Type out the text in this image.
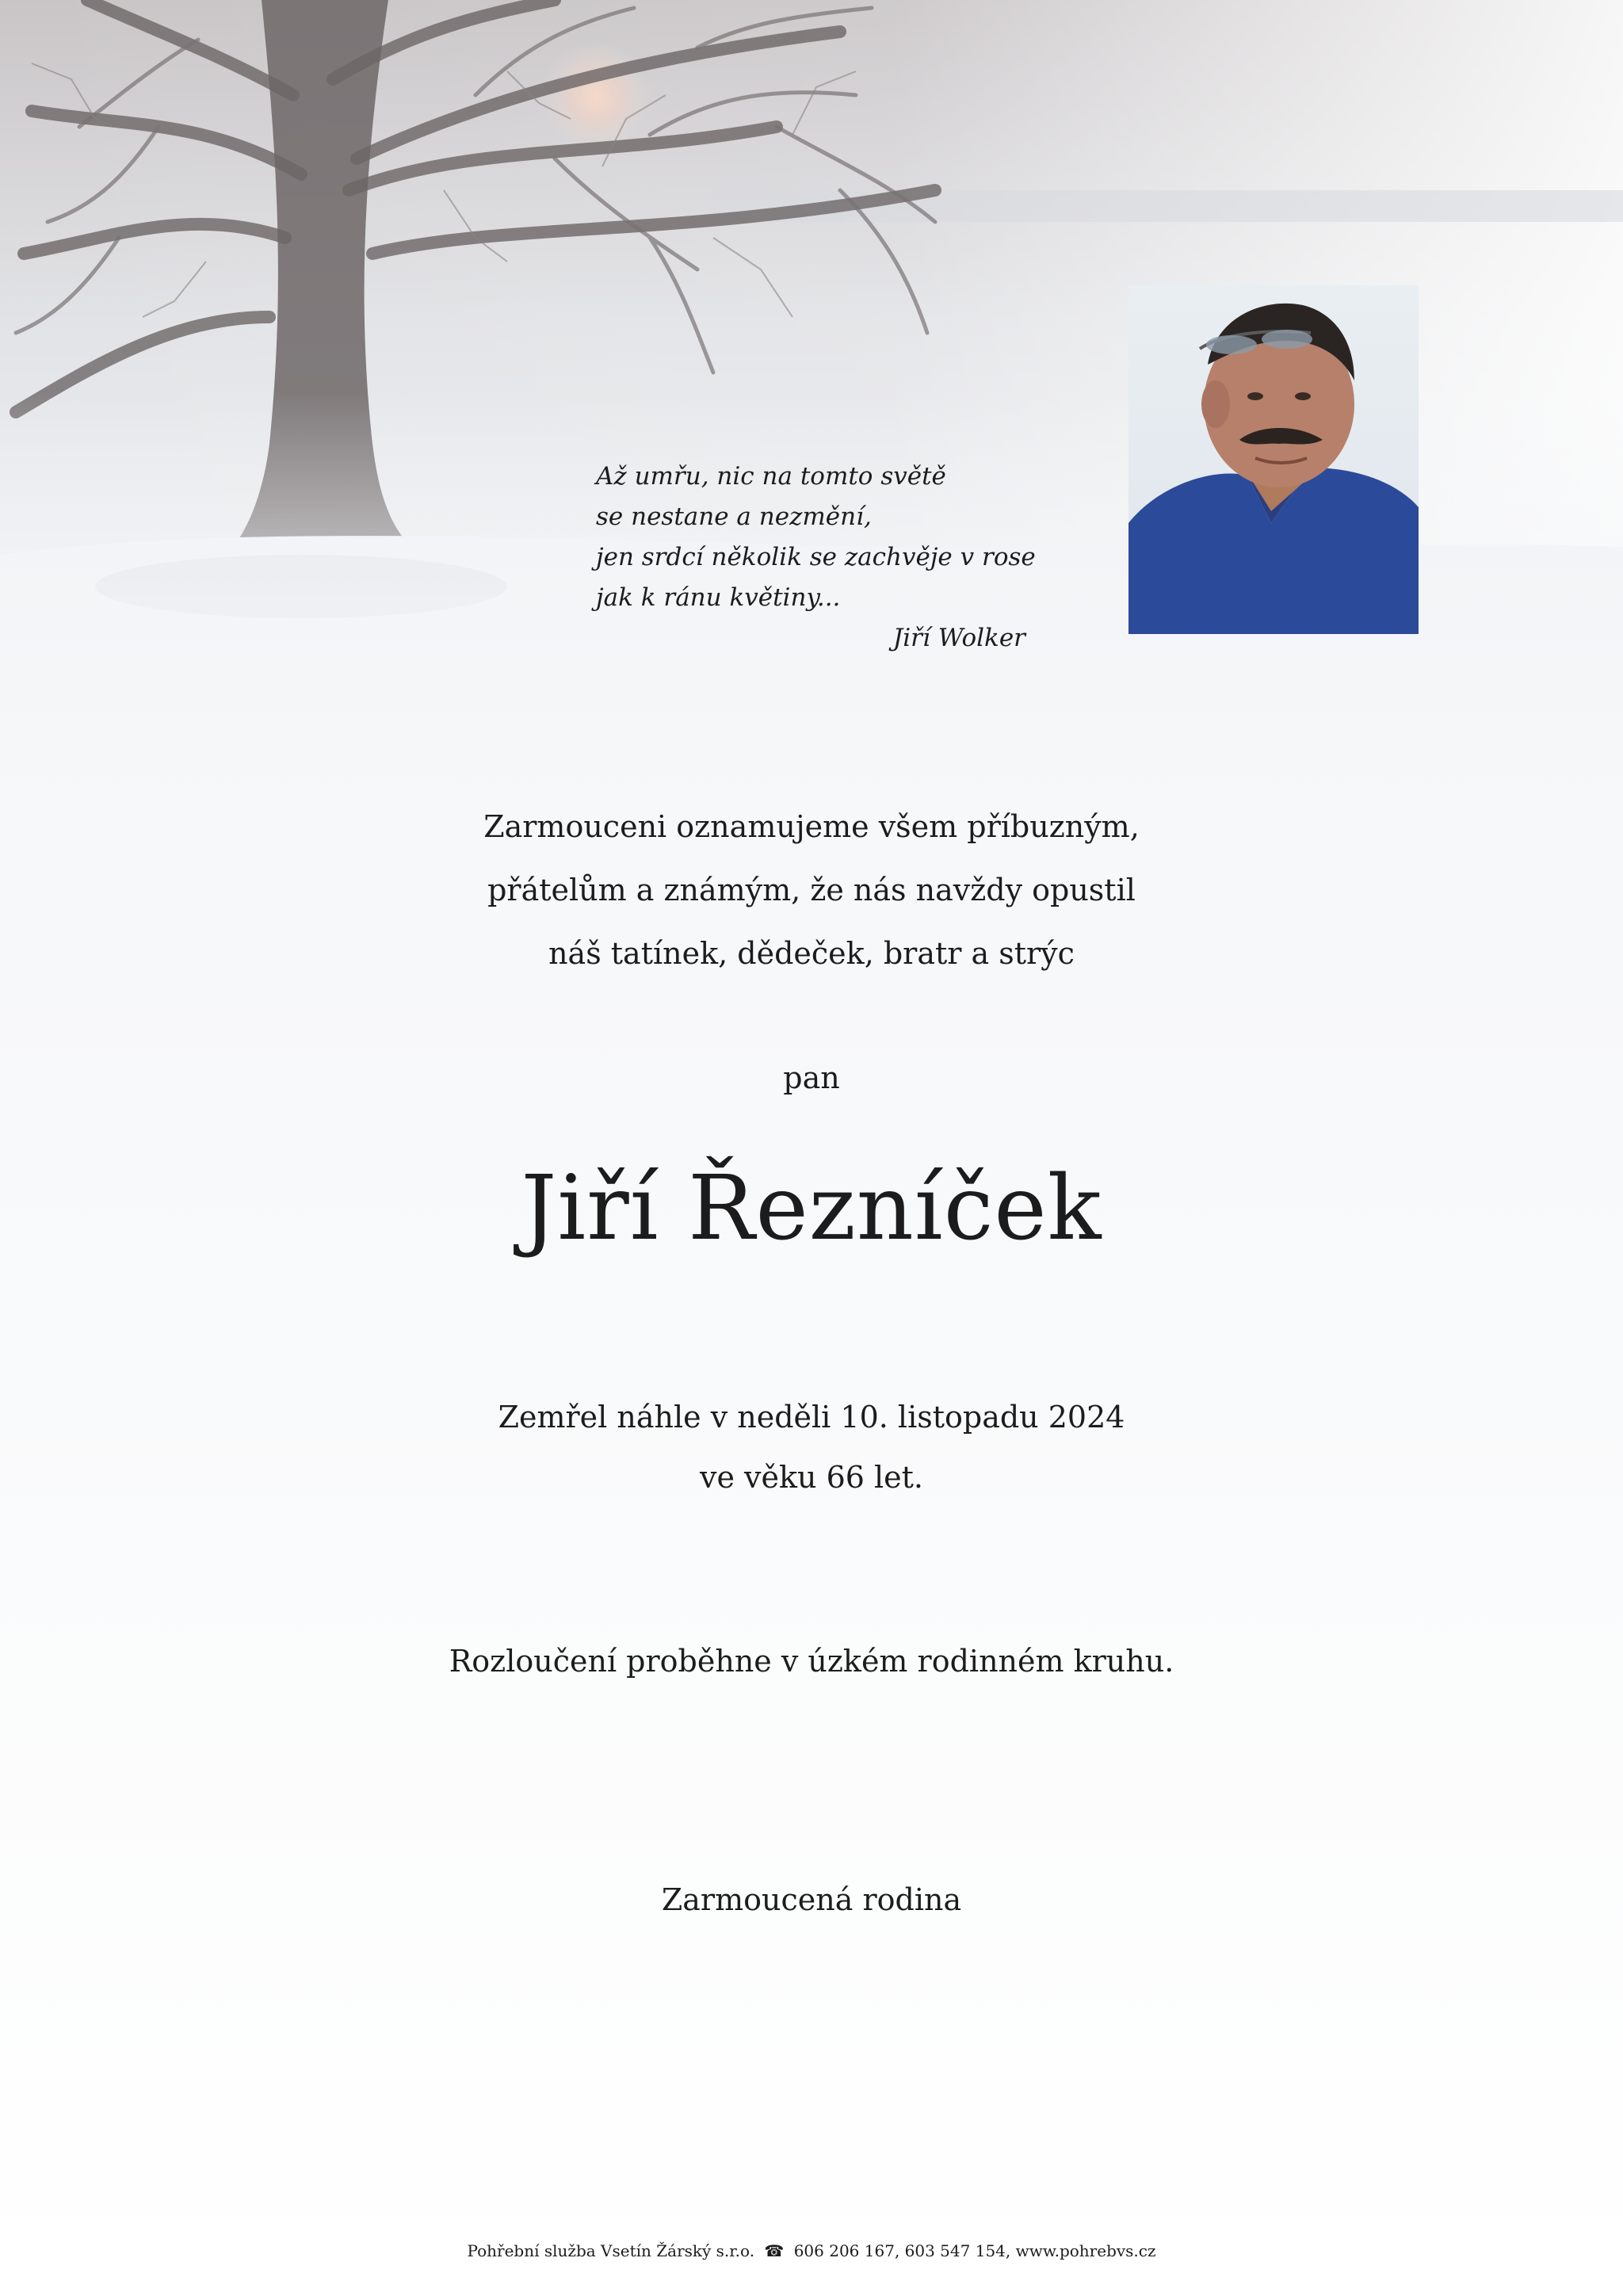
Až umřu, nic na tomto světě
se nestane a nezmění,
jen srdcí několik se zachvěje v rose
jak k ránu květiny...
Jiří Wolker
Zarmouceni oznamujeme všem příbuzným,
přátelům a známým, že nás navždy opustil
náš tatínek, dědeček, bratr a strýc
pan
Jiří Řezníček
Zemřel náhle v neděli 10. listopadu 2024
ve věku 66 let.
Rozloučení proběhne v úzkém rodinném kruhu.
Zarmoucená rodina
Pohřební služba Vsetín Žárský s.r.o. ☎ 606 206 167, 603 547 154, www.pohrebvs.cz
